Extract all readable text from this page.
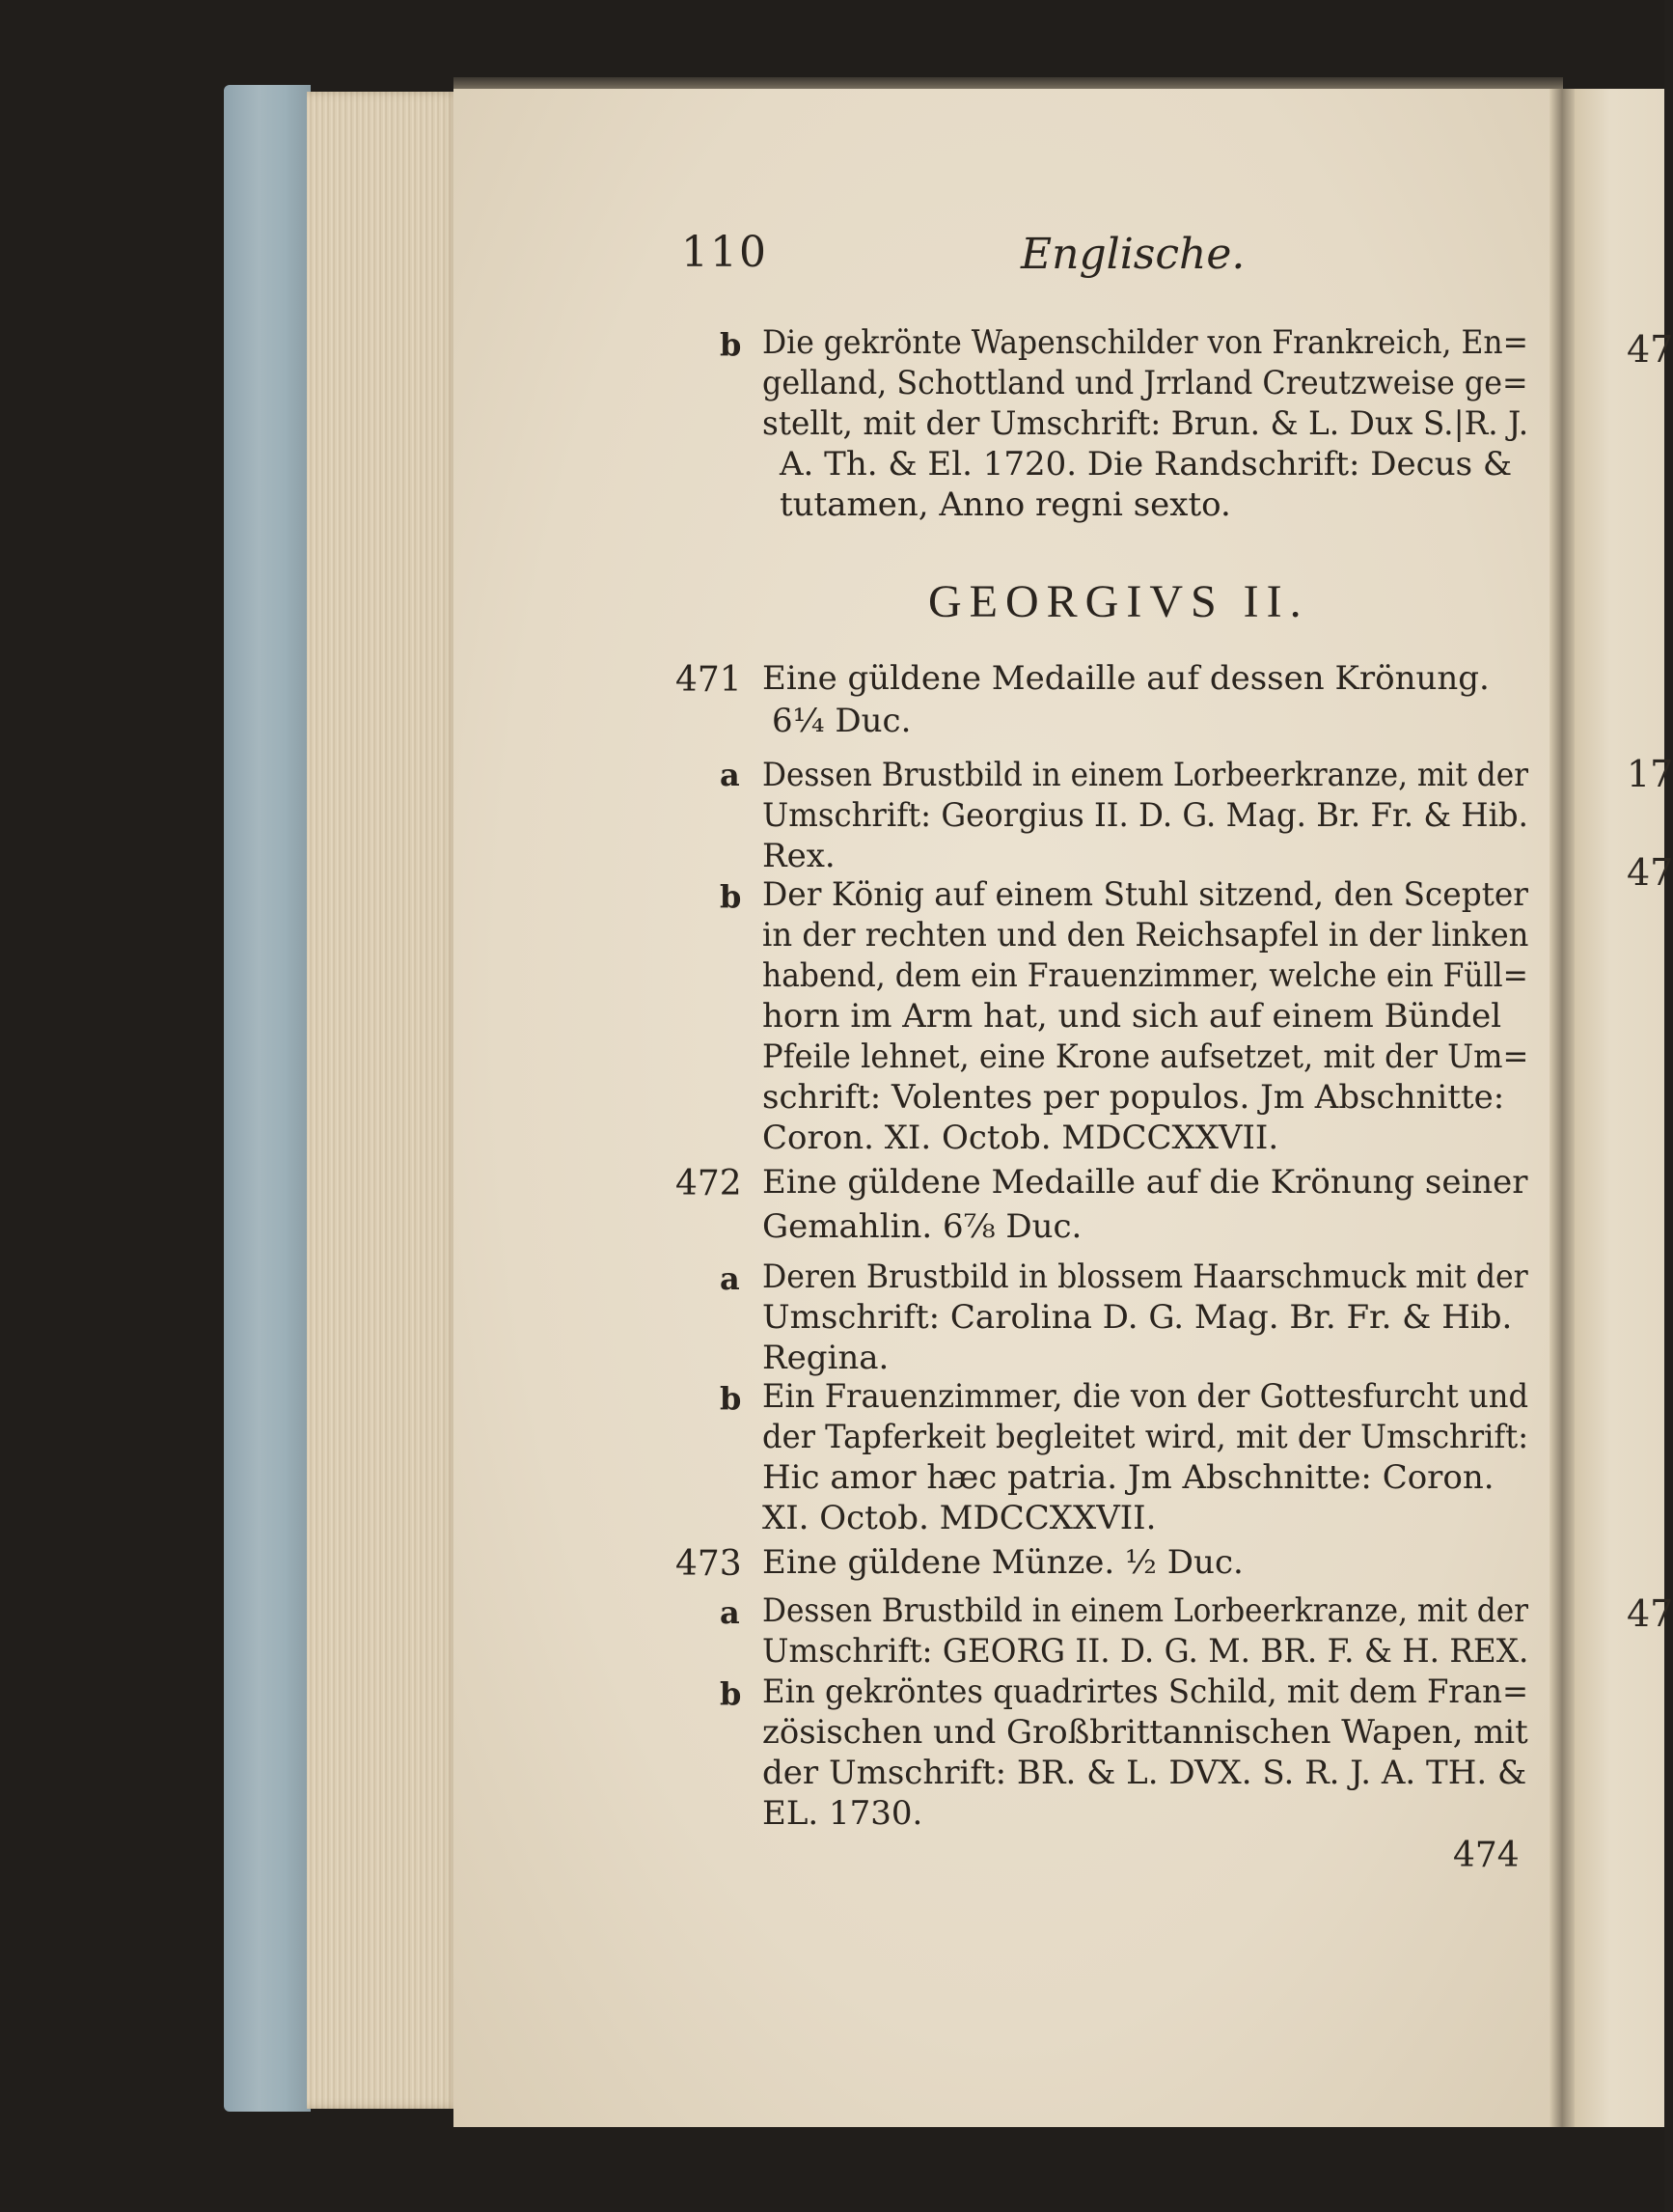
47
17
47
47
110	Englische.
b Die gekrönte Wapenschilder von Frankreich, En=
gelland, Schottland und Jrrland Creutzweise ge=
stellt, mit der Umschrift: Brun. & L. Dux S.|R. J.
A. Th. & El. 1720. Die Randschrift: Decus &
tutamen, Anno regni sexto.
GEORGIVS II.
471 Eine güldene Medaille auf dessen Krönung.
6¼ Duc.
a Dessen Brustbild in einem Lorbeerkranze, mit der
Umschrift: Georgius II. D. G. Mag. Br. Fr. & Hib.
Rex.
b Der König auf einem Stuhl sitzend, den Scepter
in der rechten und den Reichsapfel in der linken
habend, dem ein Frauenzimmer, welche ein Füll=
horn im Arm hat, und sich auf einem Bündel
Pfeile lehnet, eine Krone aufsetzet, mit der Um=
schrift: Volentes per populos. Jm Abschnitte:
Coron. XI. Octob. MDCCXXVII.
472 Eine güldene Medaille auf die Krönung seiner
Gemahlin. 6⅞ Duc.
a Deren Brustbild in blossem Haarschmuck mit der
Umschrift: Carolina D. G. Mag. Br. Fr. & Hib.
Regina.
b Ein Frauenzimmer, die von der Gottesfurcht und
der Tapferkeit begleitet wird, mit der Umschrift:
Hic amor hæc patria. Jm Abschnitte: Coron.
XI. Octob. MDCCXXVII.
473 Eine güldene Münze. ½ Duc.
a Dessen Brustbild in einem Lorbeerkranze, mit der
Umschrift: GEORG II. D. G. M. BR. F. & H. REX.
b Ein gekröntes quadrirtes Schild, mit dem Fran=
zösischen und Großbrittannischen Wapen, mit
der Umschrift: BR. & L. DVX. S. R. J. A. TH. &
EL. 1730.
474
